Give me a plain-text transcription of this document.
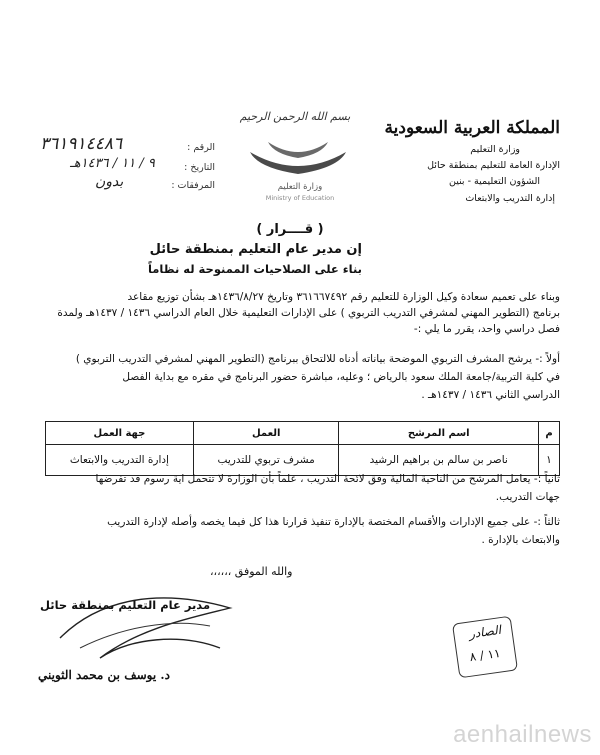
بسم الله الرحمن الرحيم
المملكة العربية السعودية
وزارة التعليم
الإدارة العامة للتعليم بمنطقة حائل
الشؤون التعليمية - بنين
إدارة التدريب والابتعاث
وزارة التعليم
Ministry of Education
الرقم :
٣٦١٩١٤٤٨٦
التاريخ :
٩ / ١١ / ١٤٣٦هـ
المرفقات :
بدون
( قــــرار )
إن مدير عام التعليم بمنطقة حائل
بناء على الصلاحيات الممنوحة له نظاماً
وبناء على تعميم سعادة وكيل الوزارة للتعليم رقم ٣٦١٦٦٧٤٩٢ وتاريخ ١٤٣٦/٨/٢٧هـ بشأن توزيع مقاعد
برنامج (التطوير المهني لمشرفي التدريب التربوي ) على الإدارات التعليمية خلال العام الدراسي ١٤٣٦ / ١٤٣٧هـ ولمدة
فصل دراسي واحد، يقرر ما يلي :-
أولاً :- يرشح المشرف التربوي الموضحة بياناته أدناه للالتحاق ببرنامج (التطوير المهني لمشرفي التدريب التربوي )
في كلية التربية/جامعة الملك سعود بالرياض ؛ وعليه، مباشرة حضور البرنامج في مقره مع بداية الفصل
الدراسي الثاني ١٤٣٦ / ١٤٣٧هـ .
م	اسم المرشح	العمل	جهة العمل
١	ناصر بن سالم بن براهيم الرشيد	مشرف تربوي للتدريب	إدارة التدريب والابتعاث
ثانياً :- يعامل المرشح من الناحية المالية وفق لائحة التدريب ، علماً بأن الوزارة لا تتحمل اية رسوم قد تفرضها
جهات التدريب.
ثالثاً :- على جميع الإدارات والأقسام المختصة بالإدارة تنفيذ قرارنا هذا كل فيما يخصه وأصله لإدارة التدريب
والابتعاث بالإدارة .
والله الموفق ،،،،،،
مدير عام التعليم بمنطقة حائل
د. يوسف بن محمد الثويني
الصادر
١١ / ٨
aenhailnews
